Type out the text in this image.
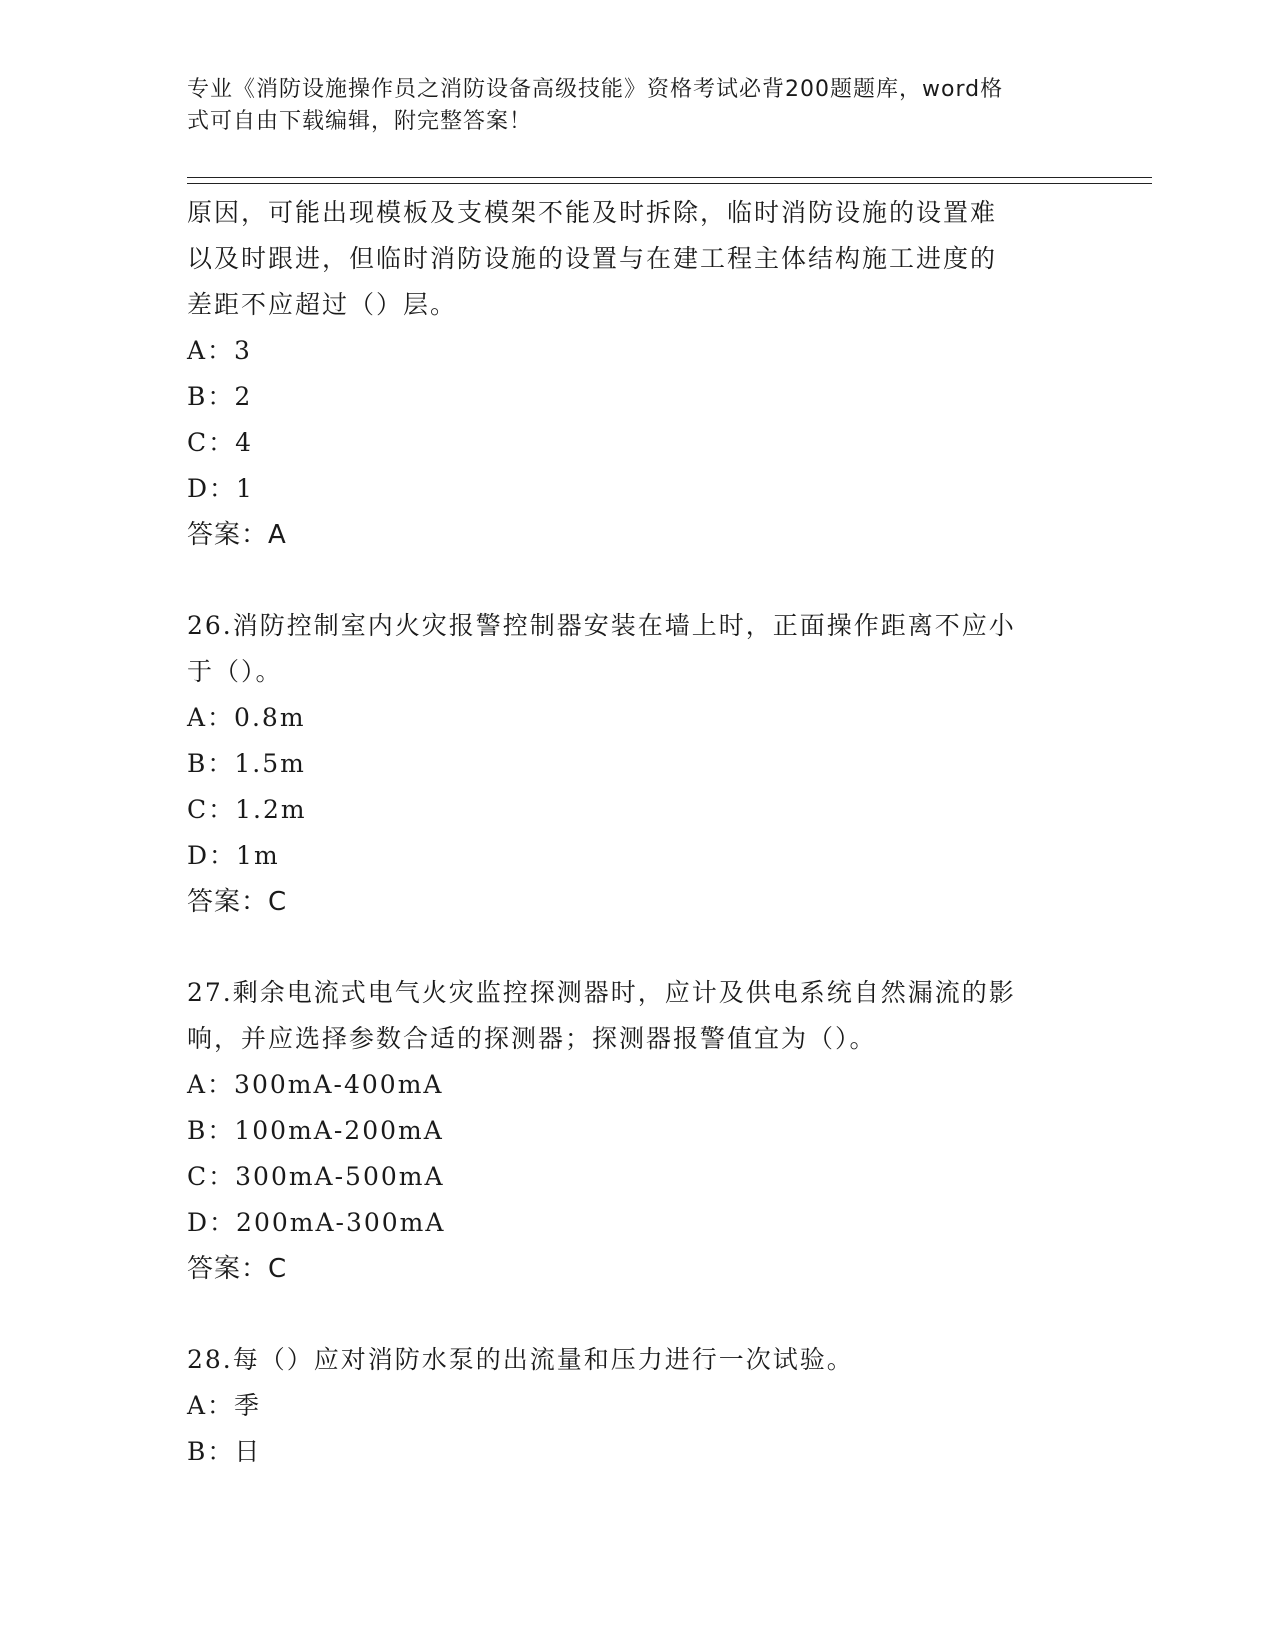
专业《消防设施操作员之消防设备高级技能》资格考试必背200题题库，word格
式可自由下载编辑，附完整答案！
原因，可能出现模板及支模架不能及时拆除，临时消防设施的设置难
以及时跟进，但临时消防设施的设置与在建工程主体结构施工进度的
差距不应超过（）层。
A：3
B：2
C：4
D：1
答案：A
26.消防控制室内火灾报警控制器安装在墙上时，正面操作距离不应小
于（）。
A：0.8m
B：1.5m
C：1.2m
D：1m
答案：C
27.剩余电流式电气火灾监控探测器时，应计及供电系统自然漏流的影
响，并应选择参数合适的探测器；探测器报警值宜为（）。
A：300mA-400mA
B：100mA-200mA
C：300mA-500mA
D：200mA-300mA
答案：C
28.每（）应对消防水泵的出流量和压力进行一次试验。
A：季
B：日
